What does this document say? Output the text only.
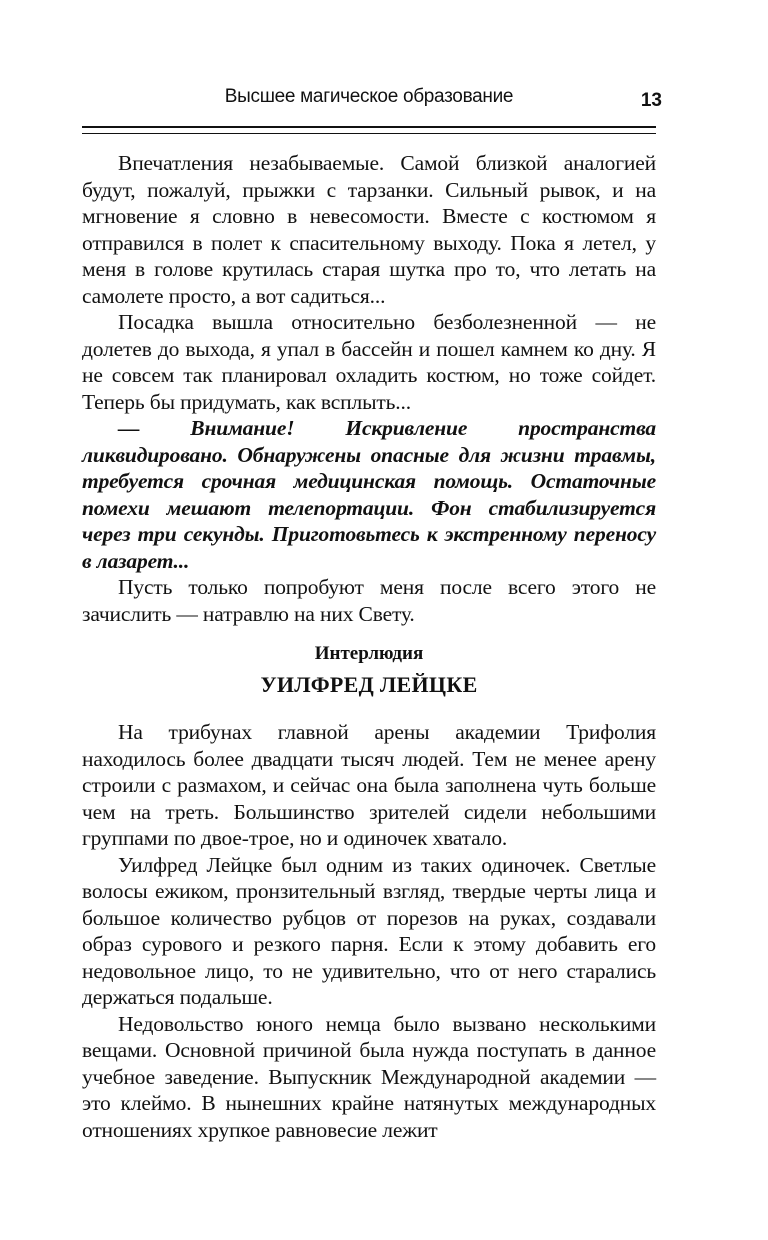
Высшее магическое образование	13

Впечатления незабываемые. Самой близкой аналогией будут, пожалуй, прыжки с тарзанки. Сильный рывок, и на мгновение я словно в невесомости. Вместе с костюмом я отправился в полет к спасительному выходу. Пока я летел, у меня в голове крутилась старая шутка про то, что летать на самолете просто, а вот садиться...

Посадка вышла относительно безболезненной — не долетев до выхода, я упал в бассейн и пошел камнем ко дну. Я не совсем так планировал охладить костюм, но тоже сойдет. Теперь бы придумать, как всплыть...

— Внимание! Искривление пространства ликвидировано. Обнаружены опасные для жизни травмы, требуется срочная медицинская помощь. Остаточные помехи мешают телепортации. Фон стабилизируется через три секунды. Приготовьтесь к экстренному переносу в лазарет...

Пусть только попробуют меня после всего этого не зачислить — натравлю на них Свету.

Интерлюдия
УИЛФРЕД ЛЕЙЦКЕ

На трибунах главной арены академии Трифолия находилось более двадцати тысяч людей. Тем не менее арену строили с размахом, и сейчас она была заполнена чуть больше чем на треть. Большинство зрителей сидели небольшими группами по двое-трое, но и одиночек хватало.

Уилфред Лейцке был одним из таких одиночек. Светлые волосы ежиком, пронзительный взгляд, твердые черты лица и большое количество рубцов от порезов на руках, создавали образ сурового и резкого парня. Если к этому добавить его недовольное лицо, то не удивительно, что от него старались держаться подальше.

Недовольство юного немца было вызвано несколькими вещами. Основной причиной была нужда поступать в данное учебное заведение. Выпускник Международной академии — это клеймо. В нынешних крайне натянутых международных отношениях хрупкое равновесие лежит
